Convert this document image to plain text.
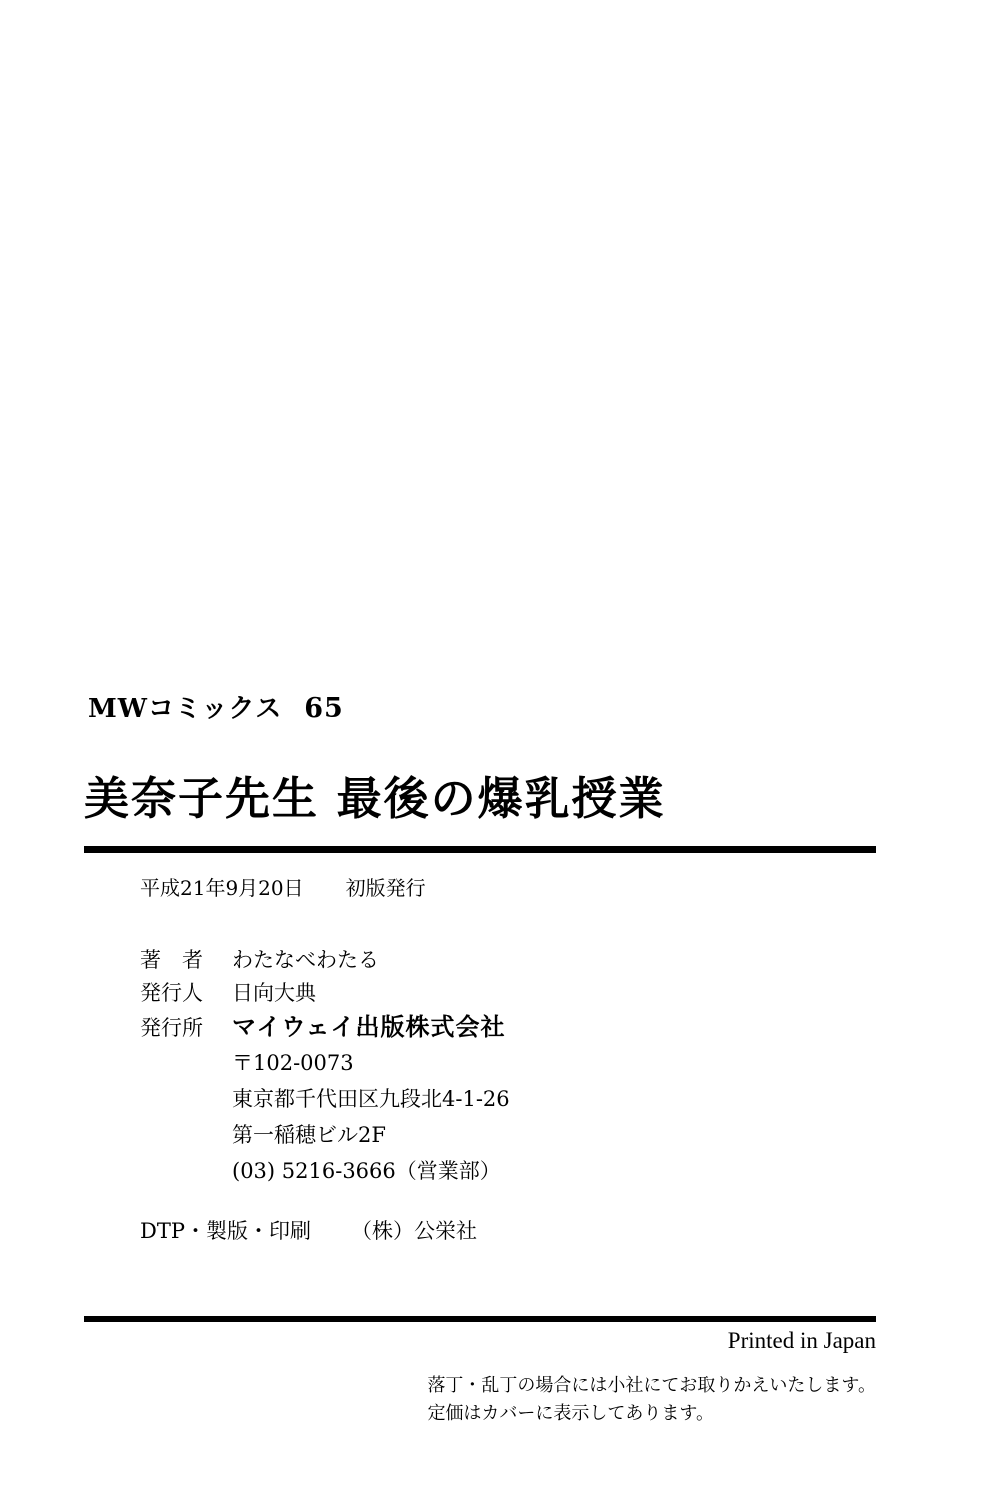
MWコミックス 65
美奈子先生 最後の爆乳授業
平成21年9月20日 初版発行
著　者	わたなべわたる
発行人	日向大典
発行所	マイウェイ出版株式会社
〒102-0073
東京都千代田区九段北4-1-26
第一稲穂ビル2F
(03) 5216-3666（営業部）
DTP・製版・印刷 （株）公栄社
Printed in Japan
落丁・乱丁の場合には小社にてお取りかえいたします。
定価はカバーに表示してあります。
